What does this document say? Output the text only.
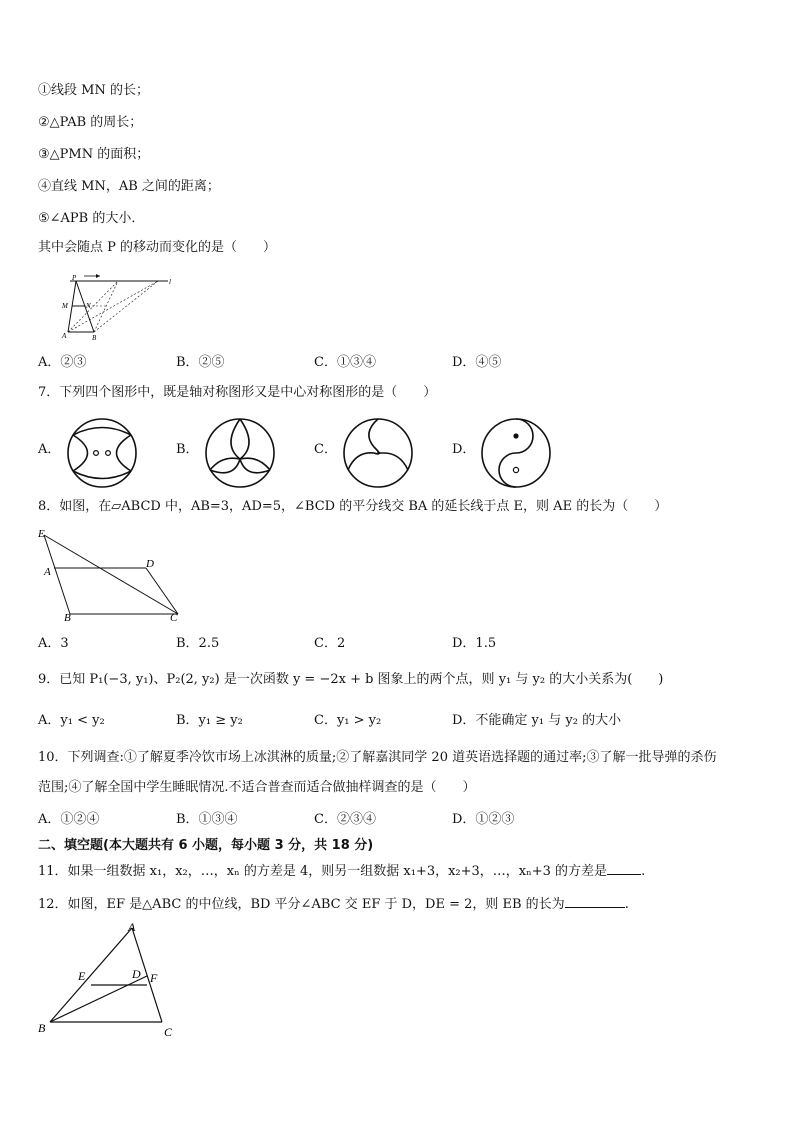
①线段 MN 的长；
②△PAB 的周长；
③△PMN 的面积；
④直线 MN，AB 之间的距离；
⑤∠APB 的大小．
其中会随点 P 的移动而变化的是（　　）
P
M	N
A	B
l
A．②③	B．②⑤	C．①③④	D．④⑤
7．下列四个图形中，既是轴对称图形又是中心对称图形的是（　　）
A．	B．	C．	D．
8．如图，在▱ABCD 中，AB=3，AD=5，∠BCD 的平分线交 BA 的延长线于点 E，则 AE 的长为（　　）
E
A
D
B	C
A．3	B．2.5	C．2	D．1.5
9．已知 P₁(−3, y₁)、P₂(2, y₂) 是一次函数 y = −2x + b 图象上的两个点，则 y₁ 与 y₂ 的大小关系为(　　)
A．y₁ < y₂	B．y₁ ≥ y₂	C．y₁ > y₂	D．不能确定 y₁ 与 y₂ 的大小
10．下列调查:①了解夏季冷饮市场上冰淇淋的质量;②了解嘉淇同学 20 道英语选择题的通过率;③了解一批导弹的杀伤
范围;④了解全国中学生睡眠情况.不适合普查而适合做抽样调查的是（　　）
A．①②④	B．①③④	C．②③④	D．①②③
二、填空题(本大题共有 6 小题，每小题 3 分，共 18 分)
11．如果一组数据 x₁，x₂，…，xₙ 的方差是 4，则另一组数据 x₁+3，x₂+3，…，xₙ+3 的方差是	.
12．如图，EF 是△ABC 的中位线，BD 平分∠ABC 交 EF 于 D，DE = 2，则 EB 的长为	.
A
E	D F
B	C
